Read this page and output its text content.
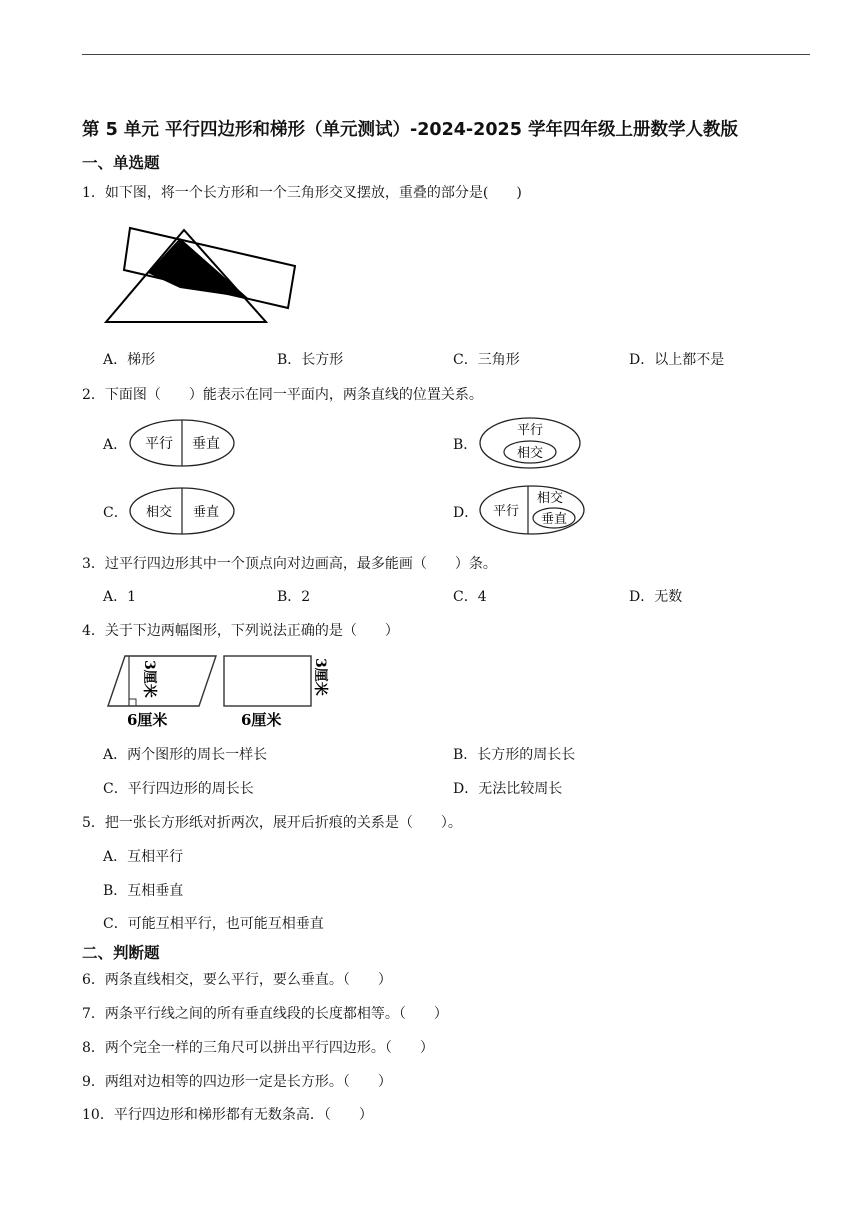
第 5 单元 平行四边形和梯形（单元测试）-2024-2025 学年四年级上册数学人教版
一、单选题
1．如下图，将一个长方形和一个三角形交叉摆放，重叠的部分是(　　)
A．梯形	B．长方形	C．三角形	D．以上都不是
2．下面图（　　）能表示在同一平面内，两条直线的位置关系。
A． 平行 垂直	B．
平行
相交
C． 相交 垂直	D． 平行
相交
垂直
3．过平行四边形其中一个顶点向对边画高，最多能画（　　）条。
A．1	B．2	C．4	D．无数
4．关于下边两幅图形，下列说法正确的是（　　）
3厘米
6厘米
3厘米
6厘米
A．两个图形的周长一样长	B．长方形的周长长
C．平行四边形的周长长	D．无法比较周长
5．把一张长方形纸对折两次，展开后折痕的关系是（　　）。
A．互相平行
B．互相垂直
C．可能互相平行，也可能互相垂直
二、判断题
6．两条直线相交，要么平行，要么垂直。（　　）
7．两条平行线之间的所有垂直线段的长度都相等。（　　）
8．两个完全一样的三角尺可以拼出平行四边形。（　　）
9．两组对边相等的四边形一定是长方形。（　　）
10．平行四边形和梯形都有无数条高．（　　）
